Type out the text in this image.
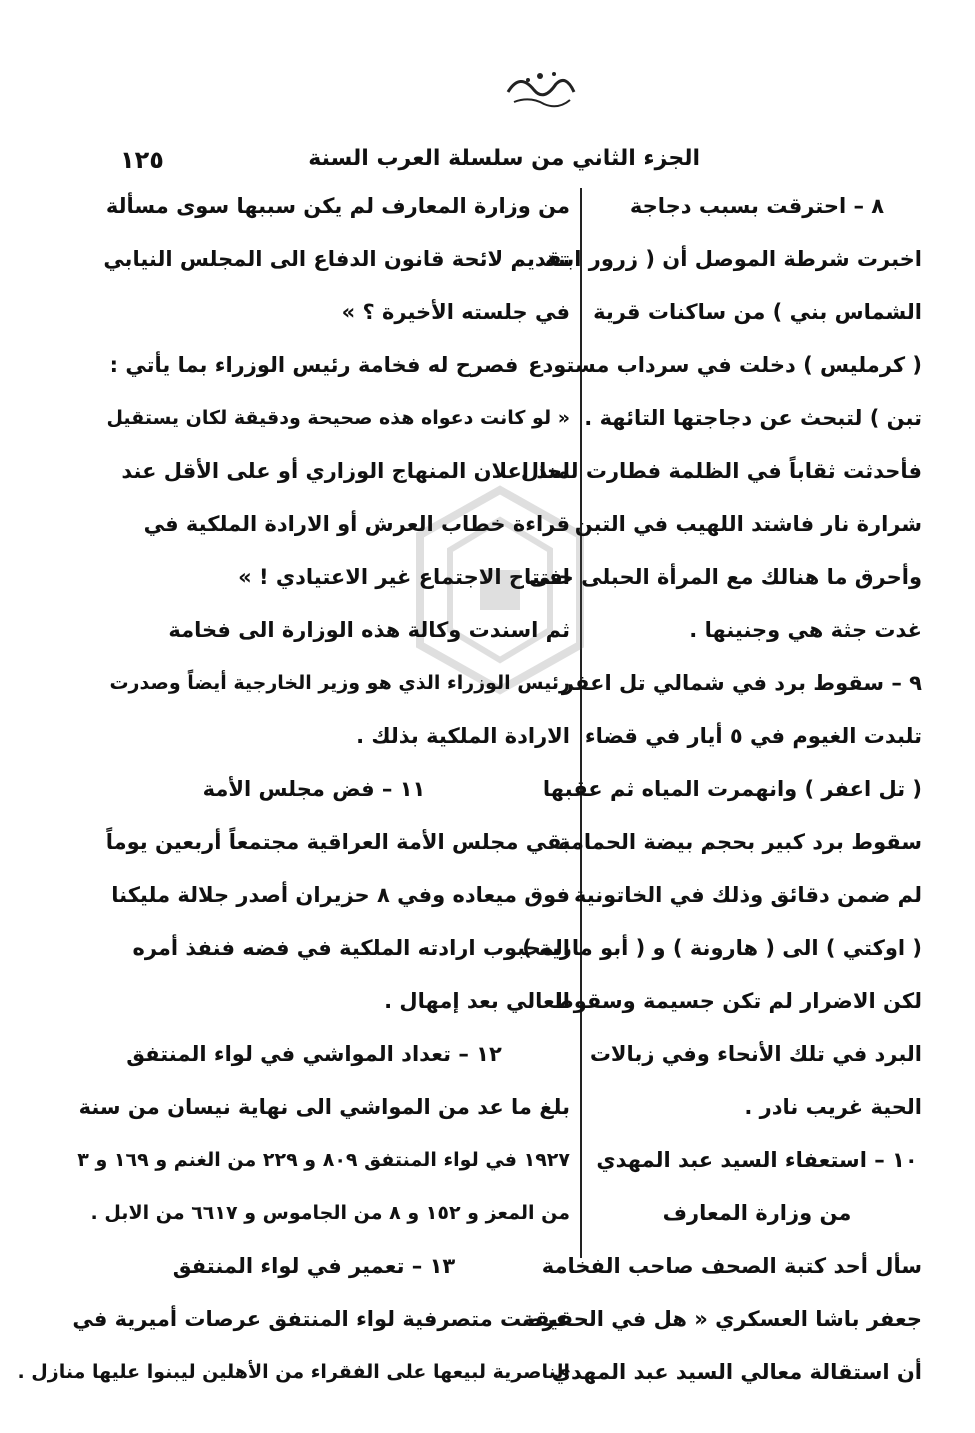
الجزء الثاني من سلسلة العرب السنة
١٢٥

٨ – احترقت بسبب دجاجة

اخبرت شرطة الموصل أن ( زرور ابنة

الشماس بني ) من ساكنات قرية

( كرمليس ) دخلت في سرداب مستودع

تبن ) لتبحث عن دجاجتها التائهة .

فأحدثت ثقاباً في الظلمة فطارت للحال

شرارة نار فاشتد اللهيب في التبن

وأحرق ما هنالك مع المرأة الحبلى حتى

غدت جثة هي وجنينها .

٩ – سقوط برد في شمالي تل اعفر

تلبدت الغيوم في ٥ أيار في قضاء

( تل اعفر ) وانهمرت المياه ثم عقبها

سقوط برد كبير بحجم بيضة الحمامة

لم ضمن دقائق وذلك في الخاتونية

( اوكتي ) الى ( هارونة ) و ( أبو مارية )

لكن الاضرار لم تكن جسيمة وسقوط

البرد في تلك الأنحاء وفي زبالات

الحية غريب نادر .

١٠ – استعفاء السيد عبد المهدي

من وزارة المعارف

سأل أحد كتبة الصحف صاحب الفخامة

جعفر باشا العسكري « هل في الحقيقة

أن استقالة معالي السيد عبد المهدي

من وزارة المعارف لم يكن سببها سوى مسألة

تقديم لائحة قانون الدفاع الى المجلس النيابي

في جلسته الأخيرة ؟ »

فصرح له فخامة رئيس الوزراء بما يأتي :

« لو كانت دعواه هذه صحيحة ودقيقة لكان يستقيل

منذ اعلان المنهاج الوزاري أو على الأقل عند

قراءة خطاب العرش أو الارادة الملكية في

افتتاح الاجتماع غير الاعتيادي ! »

ثم اسندت وكالة هذه الوزارة الى فخامة

رئيس الوزراء الذي هو وزير الخارجية أيضاً وصدرت

الارادة الملكية بذلك .

١١ – فض مجلس الأمة

بقي مجلس الأمة العراقية مجتمعاً أربعين يوماً

فوق ميعاده وفي ٨ حزيران أصدر جلالة مليكنا

المحبوب ارادته الملكية في فضه فنفذ أمره

العالي بعد إمهال .

١٢ – تعداد المواشي في لواء المنتفق

بلغ ما عد من المواشي الى نهاية نيسان من سنة

١٩٢٧ في لواء المنتفق ٨٠٩ و ٢٢٩ من الغنم و ١٦٩ و ٣

من المعز و ١٥٢ و ٨ من الجاموس و ٦٦١٧ من الابل .

١٣ – تعمير في لواء المنتفق

عرضت متصرفية لواء المنتفق عرصات أميرية في

الناصرية لبيعها على الفقراء من الأهلين ليبنوا عليها منازل .
